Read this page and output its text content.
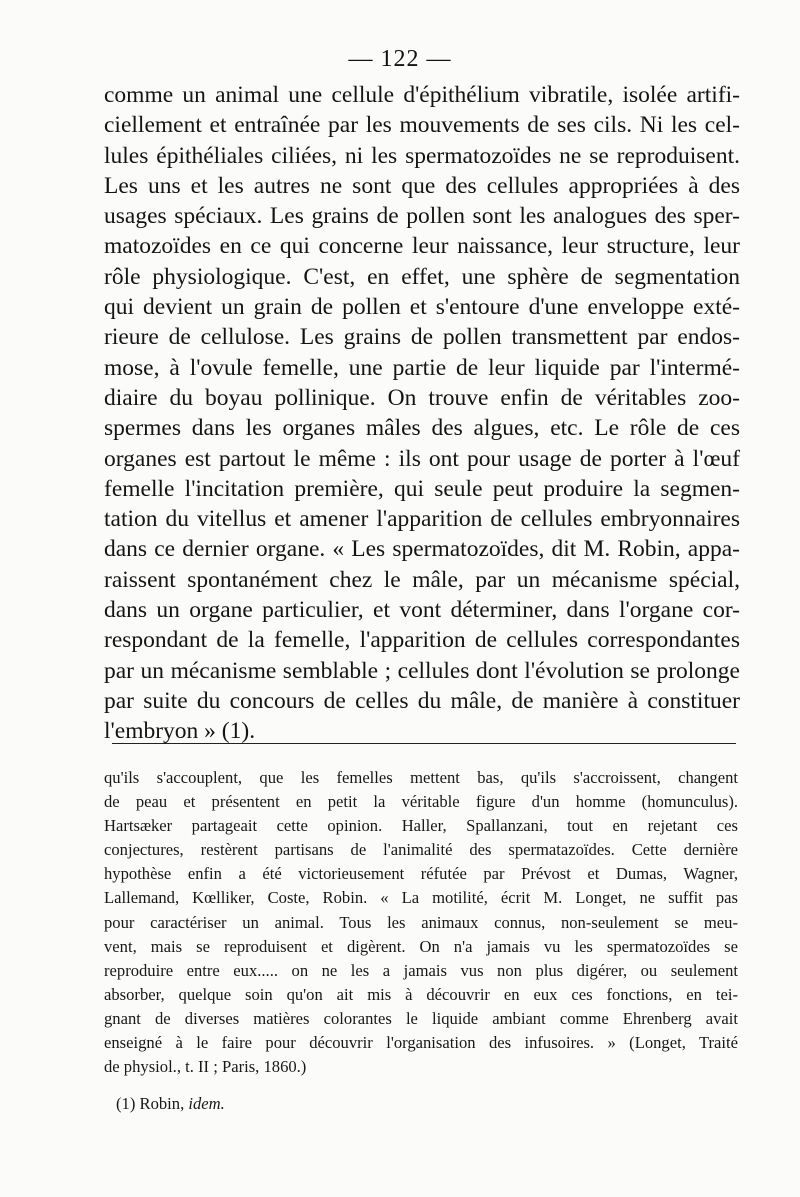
— 122 —
comme un animal une cellule d'épithélium vibratile, isolée artifi-
ciellement et entraînée par les mouvements de ses cils. Ni les cel-
lules épithéliales ciliées, ni les spermatozoïdes ne se reproduisent.
Les uns et les autres ne sont que des cellules appropriées à des
usages spéciaux. Les grains de pollen sont les analogues des sper-
matozoïdes en ce qui concerne leur naissance, leur structure, leur
rôle physiologique. C'est, en effet, une sphère de segmentation
qui devient un grain de pollen et s'entoure d'une enveloppe exté-
rieure de cellulose. Les grains de pollen transmettent par endos-
mose, à l'ovule femelle, une partie de leur liquide par l'intermé-
diaire du boyau pollinique. On trouve enfin de véritables zoo-
spermes dans les organes mâles des algues, etc. Le rôle de ces
organes est partout le même : ils ont pour usage de porter à l'œuf
femelle l'incitation première, qui seule peut produire la segmen-
tation du vitellus et amener l'apparition de cellules embryonnaires
dans ce dernier organe. « Les spermatozoïdes, dit M. Robin, appa-
raissent spontanément chez le mâle, par un mécanisme spécial,
dans un organe particulier, et vont déterminer, dans l'organe cor-
respondant de la femelle, l'apparition de cellules correspondantes
par un mécanisme semblable ; cellules dont l'évolution se prolonge
par suite du concours de celles du mâle, de manière à constituer
l'embryon » (1).
qu'ils s'accouplent, que les femelles mettent bas, qu'ils s'accroissent, changent
de peau et présentent en petit la véritable figure d'un homme (homunculus).
Hartsæker partageait cette opinion. Haller, Spallanzani, tout en rejetant ces
conjectures, restèrent partisans de l'animalité des spermatazoïdes. Cette dernière
hypothèse enfin a été victorieusement réfutée par Prévost et Dumas, Wagner,
Lallemand, Kœlliker, Coste, Robin. « La motilité, écrit M. Longet, ne suffit pas
pour caractériser un animal. Tous les animaux connus, non-seulement se meu-
vent, mais se reproduisent et digèrent. On n'a jamais vu les spermatozoïdes se
reproduire entre eux..... on ne les a jamais vus non plus digérer, ou seulement
absorber, quelque soin qu'on ait mis à découvrir en eux ces fonctions, en tei-
gnant de diverses matières colorantes le liquide ambiant comme Ehrenberg avait
enseigné à le faire pour découvrir l'organisation des infusoires. » (Longet, Traité
de physiol., t. II ; Paris, 1860.)
(1) Robin, idem.
